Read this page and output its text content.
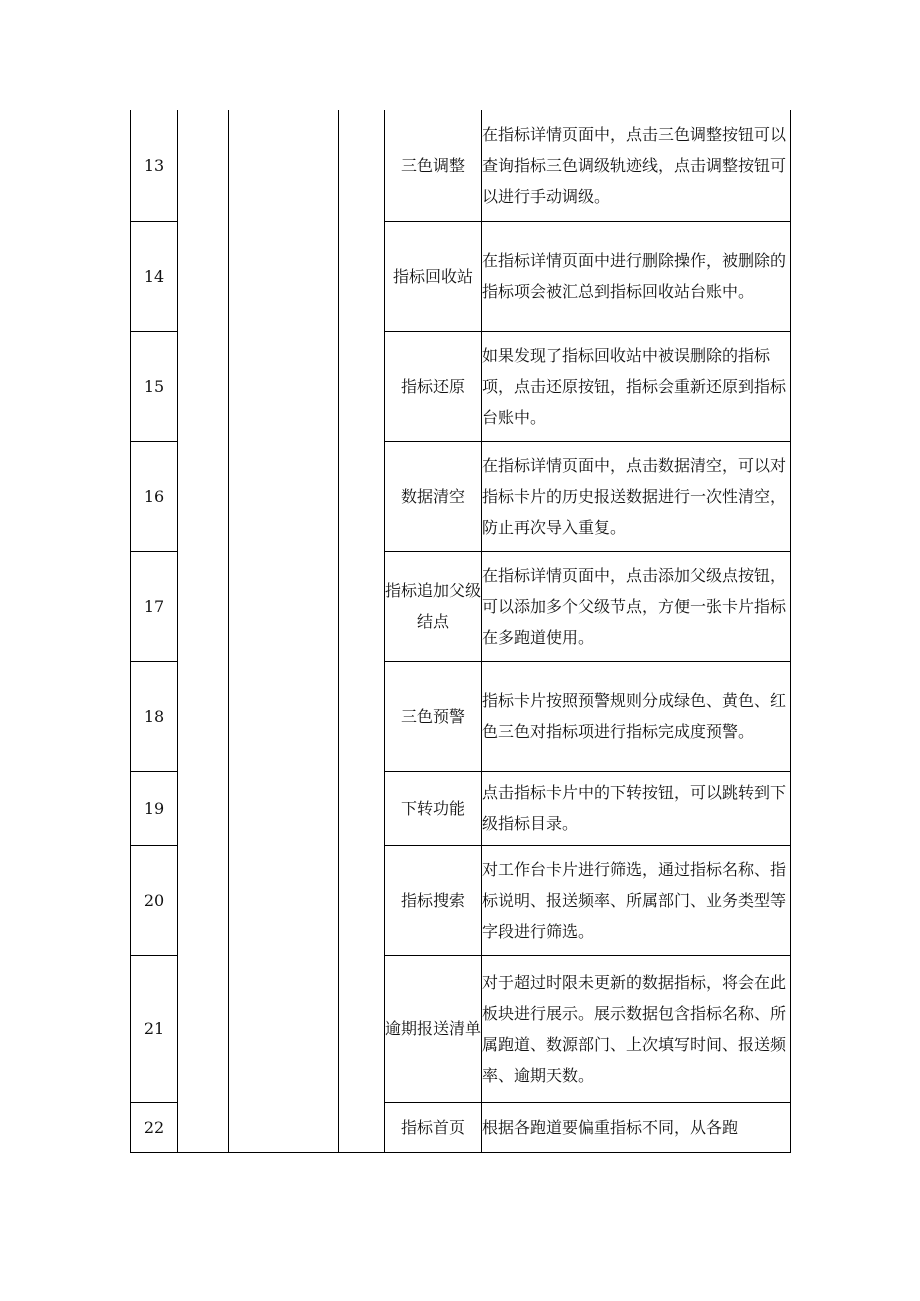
13				三色调整	在指标详情页面中，点击三色调整按钮可以查询指标三色调级轨迹线，点击调整按钮可以进行手动调级。
14				指标回收站	在指标详情页面中进行删除操作，被删除的指标项会被汇总到指标回收站台账中。
15				指标还原	如果发现了指标回收站中被误删除的指标项，点击还原按钮，指标会重新还原到指标台账中。
16				数据清空	在指标详情页面中，点击数据清空，可以对指标卡片的历史报送数据进行一次性清空，防止再次导入重复。
17				指标追加父级结点	在指标详情页面中，点击添加父级点按钮，可以添加多个父级节点，方便一张卡片指标在多跑道使用。
18				三色预警	指标卡片按照预警规则分成绿色、黄色、红色三色对指标项进行指标完成度预警。
19				下转功能	点击指标卡片中的下转按钮，可以跳转到下级指标目录。
20				指标搜索	对工作台卡片进行筛选，通过指标名称、指标说明、报送频率、所属部门、业务类型等字段进行筛选。
21				逾期报送清单	对于超过时限未更新的数据指标，将会在此板块进行展示。展示数据包含指标名称、所属跑道、数源部门、上次填写时间、报送频率、逾期天数。
22				指标首页	根据各跑道要偏重指标不同，从各跑
